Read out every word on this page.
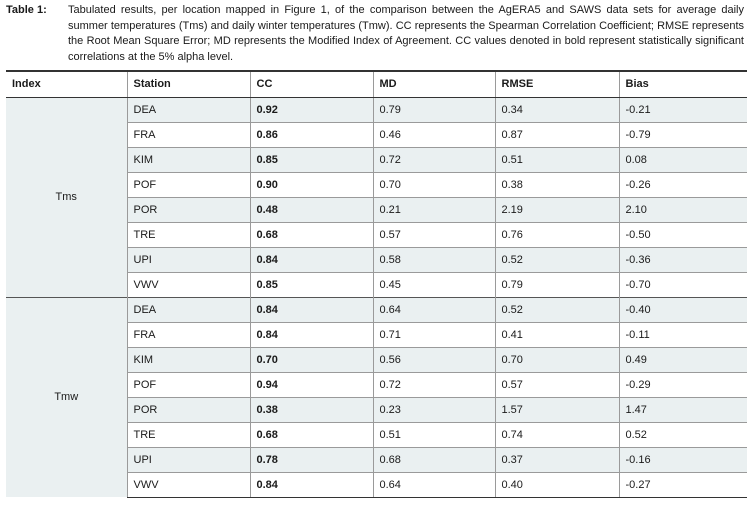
Table 1: Tabulated results, per location mapped in Figure 1, of the comparison between the AgERA5 and SAWS data sets for average daily summer temperatures (Tms) and daily winter temperatures (Tmw). CC represents the Spearman Correlation Coefficient; RMSE represents the Root Mean Square Error; MD represents the Modified Index of Agreement. CC values denoted in bold represent statistically significant correlations at the 5% alpha level.
Index	Station	CC	MD	RMSE	Bias
Tms	DEA	0.92	0.79	0.34	-0.21
	FRA	0.86	0.46	0.87	-0.79
	KIM	0.85	0.72	0.51	0.08
	POF	0.90	0.70	0.38	-0.26
	POR	0.48	0.21	2.19	2.10
	TRE	0.68	0.57	0.76	-0.50
	UPI	0.84	0.58	0.52	-0.36
	VWV	0.85	0.45	0.79	-0.70
Tmw	DEA	0.84	0.64	0.52	-0.40
	FRA	0.84	0.71	0.41	-0.11
	KIM	0.70	0.56	0.70	0.49
	POF	0.94	0.72	0.57	-0.29
	POR	0.38	0.23	1.57	1.47
	TRE	0.68	0.51	0.74	0.52
	UPI	0.78	0.68	0.37	-0.16
	VWV	0.84	0.64	0.40	-0.27
